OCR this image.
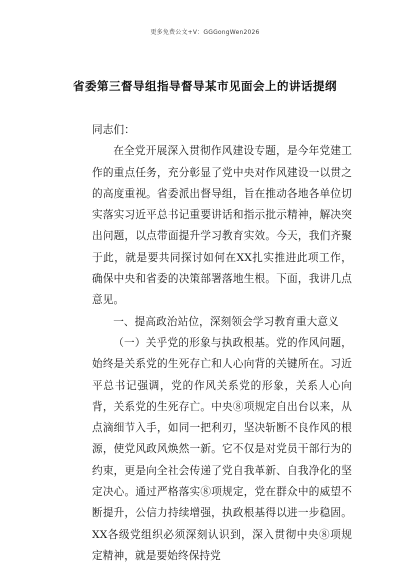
更多免费公文+V：GGGongWen2026
省委第三督导组指导督导某市见面会上的讲话提纲

同志们：

在全党开展深入贯彻作风建设专题，是今年党建工作的重点任务，充分彰显了党中央对作风建设一以贯之的高度重视。省委派出督导组，旨在推动各地各单位切实落实习近平总书记重要讲话和指示批示精神，解决突出问题，以点带面提升学习教育实效。今天，我们齐聚于此，就是要共同探讨如何在XX扎实推进此项工作，确保中央和省委的决策部署落地生根。下面，我讲几点意见。

一、提高政治站位，深刻领会学习教育重大意义

（一）关乎党的形象与执政根基。党的作风问题，始终是关系党的生死存亡和人心向背的关键所在。习近平总书记强调，党的作风关系党的形象，关系人心向背，关系党的生死存亡。中央⑧项规定自出台以来，从点滴细节入手，如同一把利刃，坚决斩断不良作风的根源，使党风政风焕然一新。它不仅是对党员干部行为的约束，更是向全社会传递了党自我革新、自我净化的坚定决心。通过严格落实⑧项规定，党在群众中的威望不断提升，公信力持续增强，执政根基得以进一步稳固。XX各级党组织必须深刻认识到，深入贯彻中央⑧项规定精神，就是要始终保持党
